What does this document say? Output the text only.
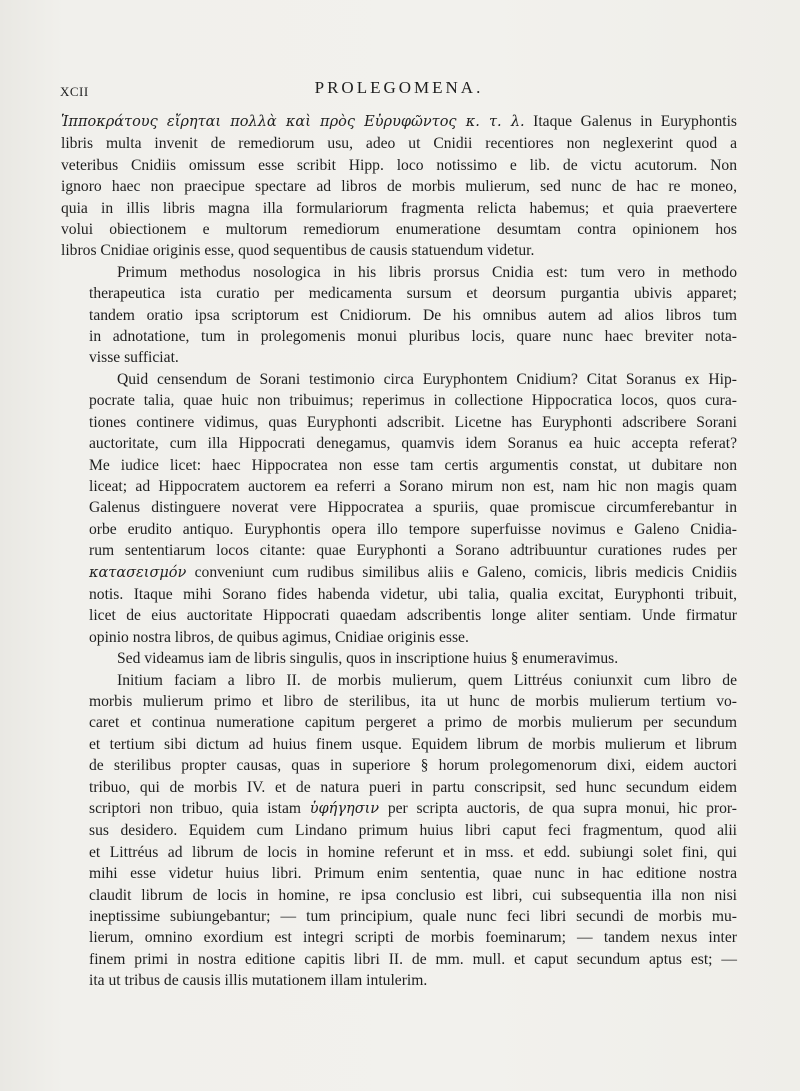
XCII	PROLEGOMENA.
Ἱπποκράτους εἴρηται πολλὰ καὶ πρὸς Εὐρυφῶντος κ. τ. λ. Itaque Galenus in Euryphontis
libris multa invenit de remediorum usu, adeo ut Cnidii recentiores non neglexerint quod a
veteribus Cnidiis omissum esse scribit Hipp. loco notissimo e lib. de victu acutorum. Non
ignoro haec non praecipue spectare ad libros de morbis mulierum, sed nunc de hac re moneo,
quia in illis libris magna illa formulariorum fragmenta relicta habemus; et quia praevertere
volui obiectionem e multorum remediorum enumeratione desumtam contra opinionem hos
libros Cnidiae originis esse, quod sequentibus de causis statuendum videtur.
Primum methodus nosologica in his libris prorsus Cnidia est: tum vero in methodo
therapeutica ista curatio per medicamenta sursum et deorsum purgantia ubivis apparet;
tandem oratio ipsa scriptorum est Cnidiorum. De his omnibus autem ad alios libros tum
in adnotatione, tum in prolegomenis monui pluribus locis, quare nunc haec breviter nota-
visse sufficiat.
Quid censendum de Sorani testimonio circa Euryphontem Cnidium? Citat Soranus ex Hip-
pocrate talia, quae huic non tribuimus; reperimus in collectione Hippocratica locos, quos cura-
tiones continere vidimus, quas Euryphonti adscribit. Licetne has Euryphonti adscribere Sorani
auctoritate, cum illa Hippocrati denegamus, quamvis idem Soranus ea huic accepta referat?
Me iudice licet: haec Hippocratea non esse tam certis argumentis constat, ut dubitare non
liceat; ad Hippocratem auctorem ea referri a Sorano mirum non est, nam hic non magis quam
Galenus distinguere noverat vere Hippocratea a spuriis, quae promiscue circumferebantur in
orbe erudito antiquo. Euryphontis opera illo tempore superfuisse novimus e Galeno Cnidia-
rum sententiarum locos citante: quae Euryphonti a Sorano adtribuuntur curationes rudes per
κατασεισμόν conveniunt cum rudibus similibus aliis e Galeno, comicis, libris medicis Cnidiis
notis. Itaque mihi Sorano fides habenda videtur, ubi talia, qualia excitat, Euryphonti tribuit,
licet de eius auctoritate Hippocrati quaedam adscribentis longe aliter sentiam. Unde firmatur
opinio nostra libros, de quibus agimus, Cnidiae originis esse.
Sed videamus iam de libris singulis, quos in inscriptione huius § enumeravimus.
Initium faciam a libro II. de morbis mulierum, quem Littréus coniunxit cum libro de
morbis mulierum primo et libro de sterilibus, ita ut hunc de morbis mulierum tertium vo-
caret et continua numeratione capitum pergeret a primo de morbis mulierum per secundum
et tertium sibi dictum ad huius finem usque. Equidem librum de morbis mulierum et librum
de sterilibus propter causas, quas in superiore § horum prolegomenorum dixi, eidem auctori
tribuo, qui de morbis IV. et de natura pueri in partu conscripsit, sed hunc secundum eidem
scriptori non tribuo, quia istam ὑφήγησιν per scripta auctoris, de qua supra monui, hic pror-
sus desidero. Equidem cum Lindano primum huius libri caput feci fragmentum, quod alii
et Littréus ad librum de locis in homine referunt et in mss. et edd. subiungi solet fini, qui
mihi esse videtur huius libri. Primum enim sententia, quae nunc in hac editione nostra
claudit librum de locis in homine, re ipsa conclusio est libri, cui subsequentia illa non nisi
ineptissime subiungebantur; — tum principium, quale nunc feci libri secundi de morbis mu-
lierum, omnino exordium est integri scripti de morbis foeminarum; — tandem nexus inter
finem primi in nostra editione capitis libri II. de mm. mull. et caput secundum aptus est; —
ita ut tribus de causis illis mutationem illam intulerim.
